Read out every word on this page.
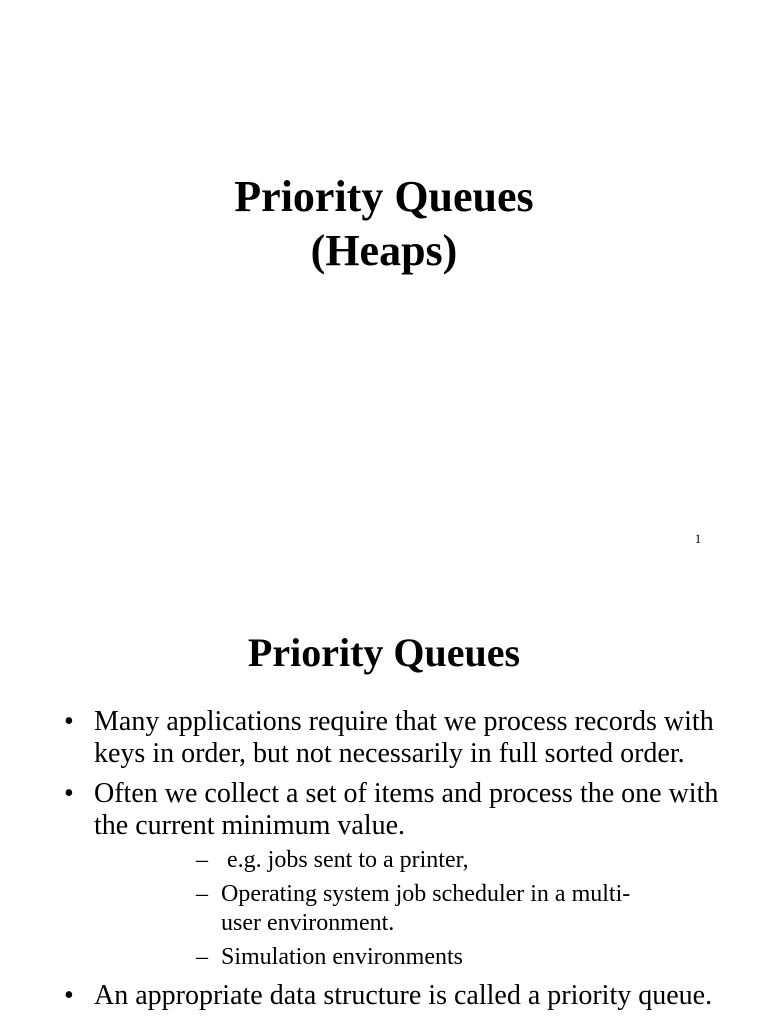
Priority Queues
(Heaps)
1
Priority Queues
• Many applications require that we process records with keys in order, but not necessarily in full sorted order.
• Often we collect a set of items and process the one with the current minimum value.
– e.g. jobs sent to a printer,
– Operating system job scheduler in a multi-user environment.
– Simulation environments
• An appropriate data structure is called a priority queue.
